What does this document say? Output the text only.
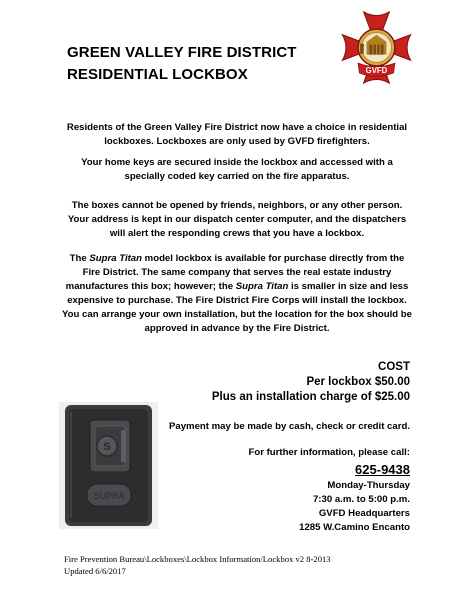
GREEN VALLEY FIRE DISTRICT
RESIDENTIAL LOCKBOX	GVFD

Residents of the Green Valley Fire District now have a choice in residential lockboxes. Lockboxes are only used by GVFD firefighters.

Your home keys are secured inside the lockbox and accessed with a specially coded key carried on the fire apparatus.

The boxes cannot be opened by friends, neighbors, or any other person. Your address is kept in our dispatch center computer, and the dispatchers will alert the responding crews that you have a lockbox.

The Supra Titan model lockbox is available for purchase directly from the Fire District. The same company that serves the real estate industry manufactures this box; however; the Supra Titan is smaller in size and less expensive to purchase. The Fire District Fire Corps will install the lockbox. You can arrange your own installation, but the location for the box should be approved in advance by the Fire District.

COST

Per lockbox $50.00

Plus an installation charge of $25.00

S
SUPRA

Payment may be made by cash, check or credit card.

For further information, please call:

625-9438

Monday-Thursday

7:30 a.m. to 5:00 p.m.

GVFD Headquarters

1285 W.Camino Encanto

Fire Prevention Bureau\Lockboxes\Lockbox Information/Lockbox v2 8-2013

Updated 6/6/2017
